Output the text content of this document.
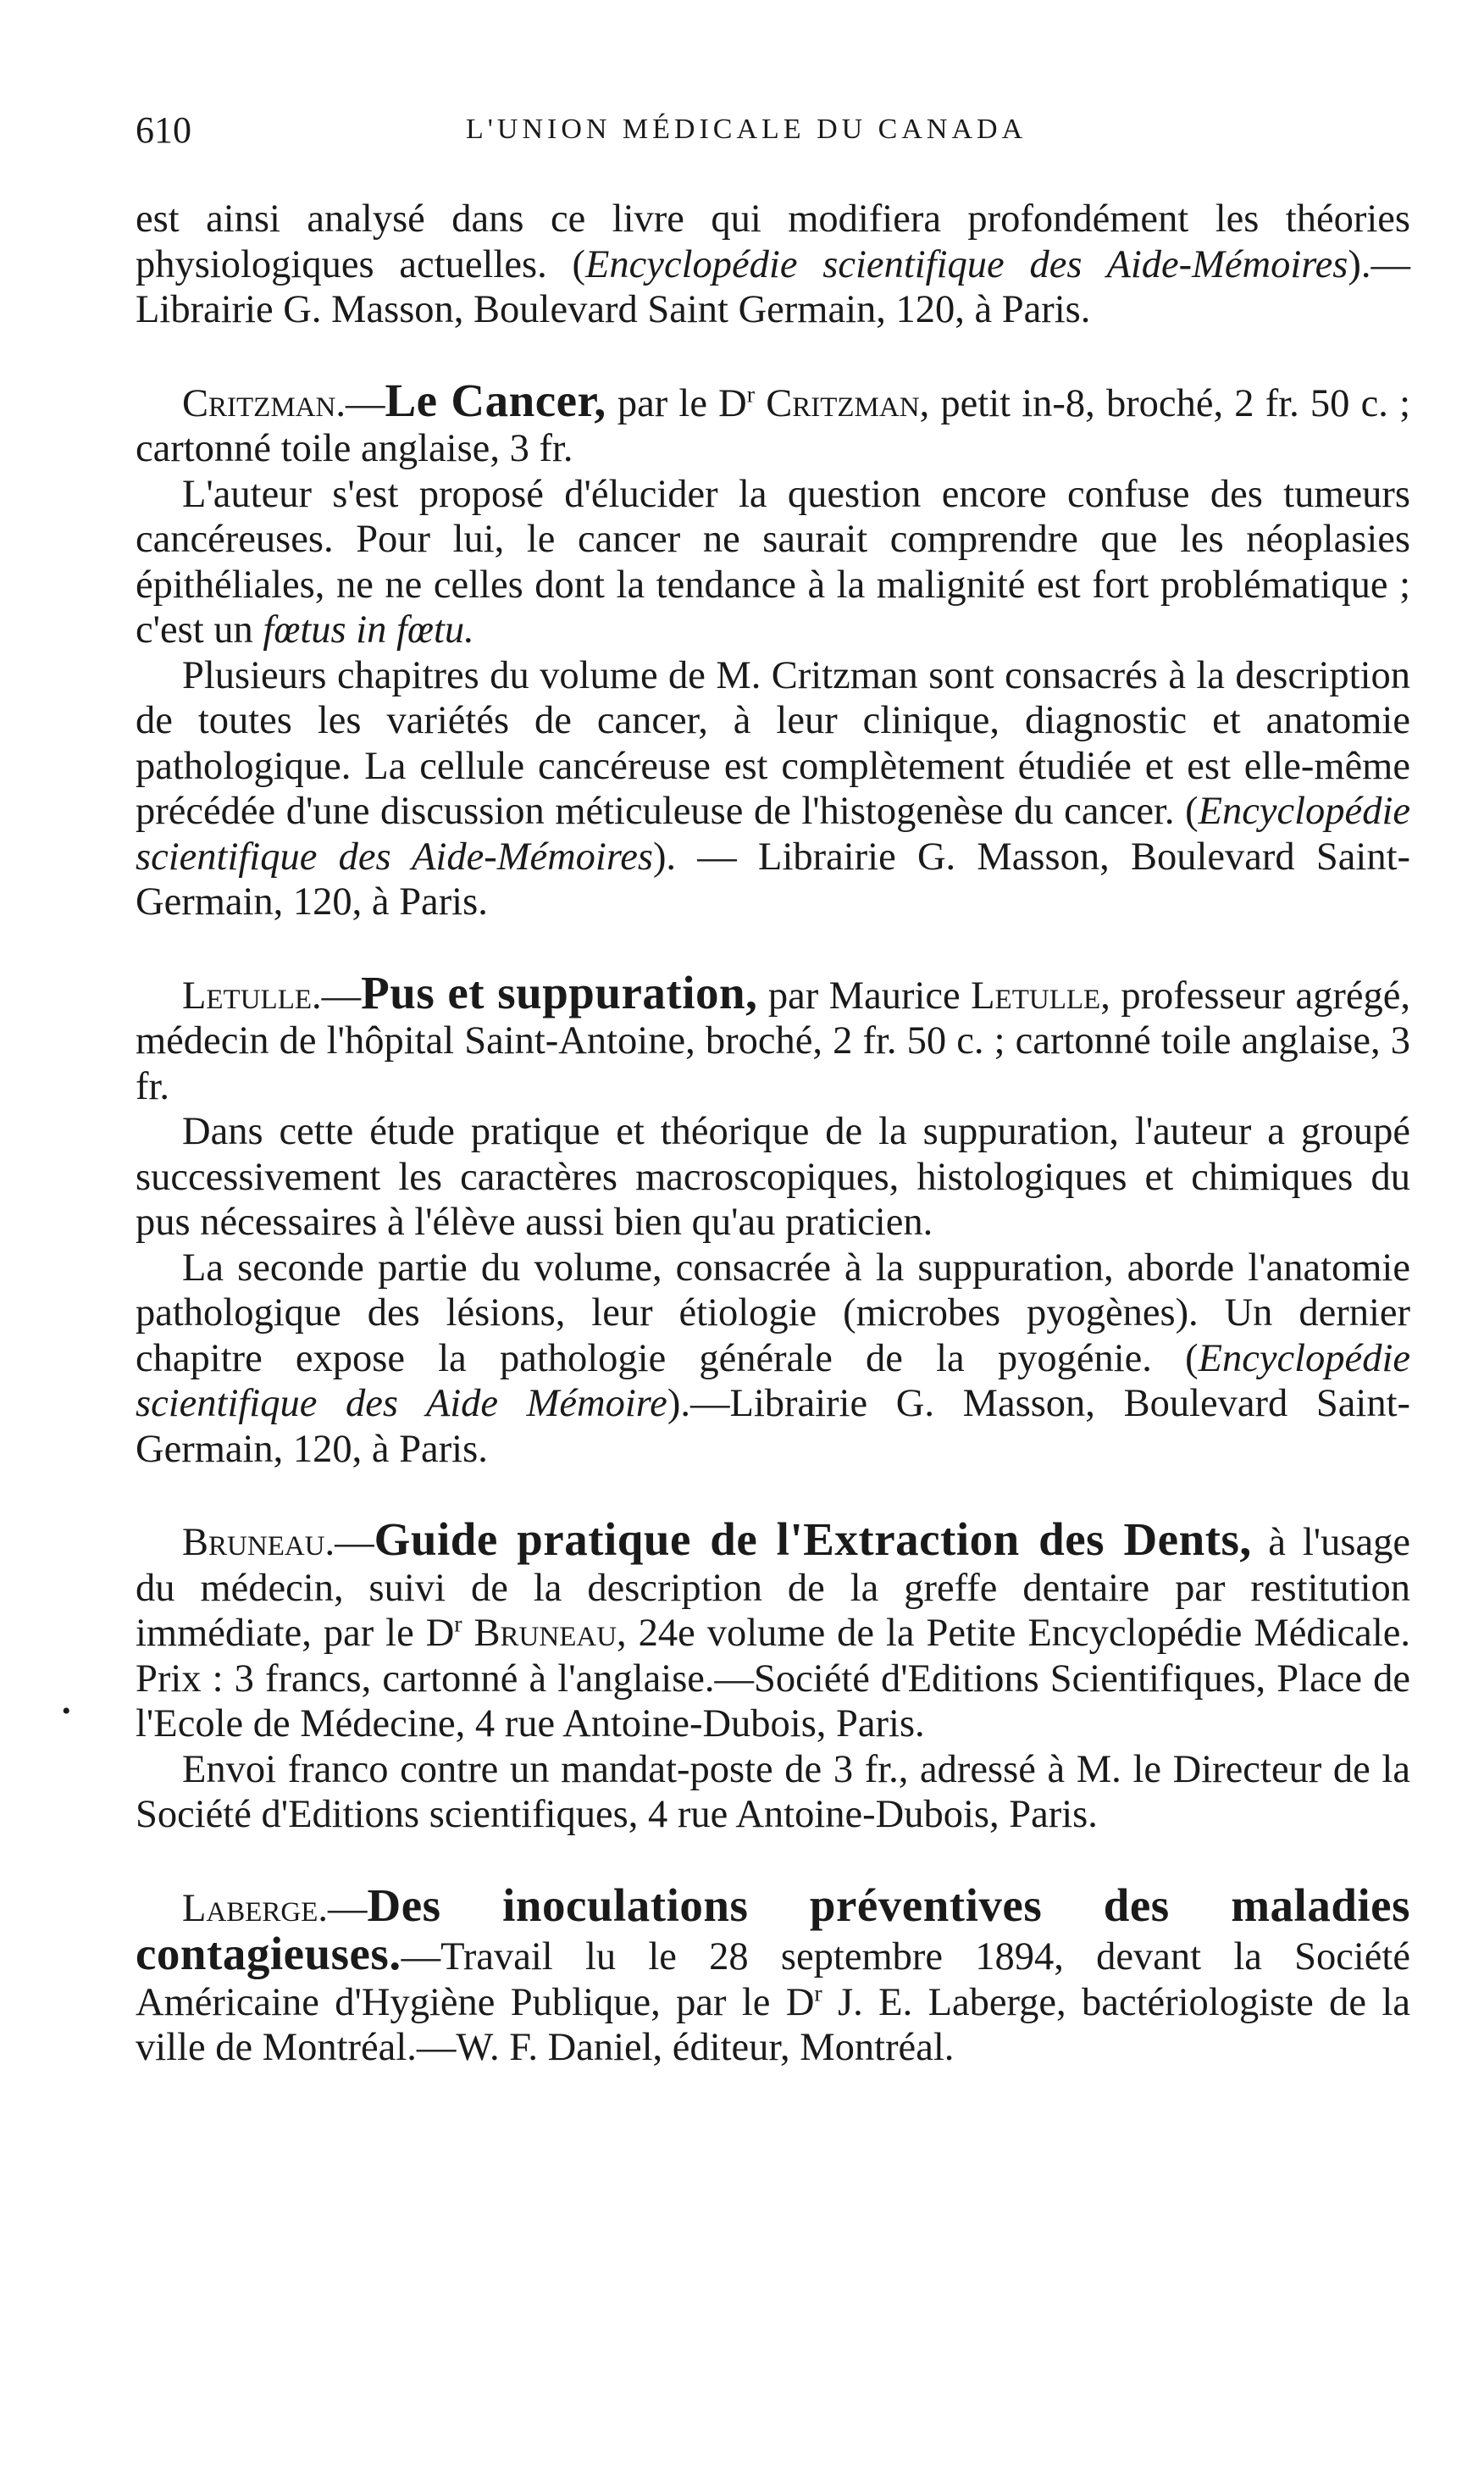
610	L'UNION MÉDICALE DU CANADA
•

est ainsi analysé dans ce livre qui modifiera profondément les théories physiologiques actuelles. (Encyclopédie scientifique des Aide-Mémoires).—Librairie G. Masson, Boulevard Saint Germain, 120, à Paris.

Critzman.—Le Cancer, par le $D^r$ Critzman, petit in-8, broché, 2 fr. 50 c. ; cartonné toile anglaise, 3 fr.

L'auteur s'est proposé d'élucider la question encore confuse des tumeurs cancéreuses. Pour lui, le cancer ne saurait comprendre que les néoplasies épithéliales, ne ne celles dont la tendance à la malignité est fort problématique ; c'est un fœtus in fœtu.

Plusieurs chapitres du volume de M. Critzman sont consacrés à la description de toutes les variétés de cancer, à leur clinique, diagnostic et anatomie pathologique. La cellule cancéreuse est complètement étudiée et est elle-même précédée d'une discussion méticuleuse de l'histogenèse du cancer. (Encyclopédie scientifique des Aide-Mémoires). — Librairie G. Masson, Boulevard Saint-Germain, 120, à Paris.

Letulle.—Pus et suppuration, par Maurice Letulle, professeur agrégé, médecin de l'hôpital Saint-Antoine, broché, 2 fr. 50 c. ; cartonné toile anglaise, 3 fr.

Dans cette étude pratique et théorique de la suppuration, l'auteur a groupé successivement les caractères macroscopiques, histologiques et chimiques du pus nécessaires à l'élève aussi bien qu'au praticien.

La seconde partie du volume, consacrée à la suppuration, aborde l'anatomie pathologique des lésions, leur étiologie (microbes pyogènes). Un dernier chapitre expose la pathologie générale de la pyogénie. (Encyclopédie scientifique des Aide Mémoire).—Librairie G. Masson, Boulevard Saint-Germain, 120, à Paris.

Bruneau.—Guide pratique de l'Extraction des Dents, à l'usage du médecin, suivi de la description de la greffe dentaire par restitution immédiate, par le $D^r$ Bruneau, 24e volume de la Petite Encyclopédie Médicale. Prix : 3 francs, cartonné à l'anglaise.—Société d'Editions Scientifiques, Place de l'Ecole de Médecine, 4 rue Antoine-Dubois, Paris.

Envoi franco contre un mandat-poste de 3 fr., adressé à M. le Directeur de la Société d'Editions scientifiques, 4 rue Antoine-Dubois, Paris.

Laberge.—Des inoculations préventives des maladies contagieuses.—Travail lu le 28 septembre 1894, devant la Société Américaine d'Hygiène Publique, par le $D^r$ J. E. Laberge, bactériologiste de la ville de Montréal.—W. F. Daniel, éditeur, Montréal.
